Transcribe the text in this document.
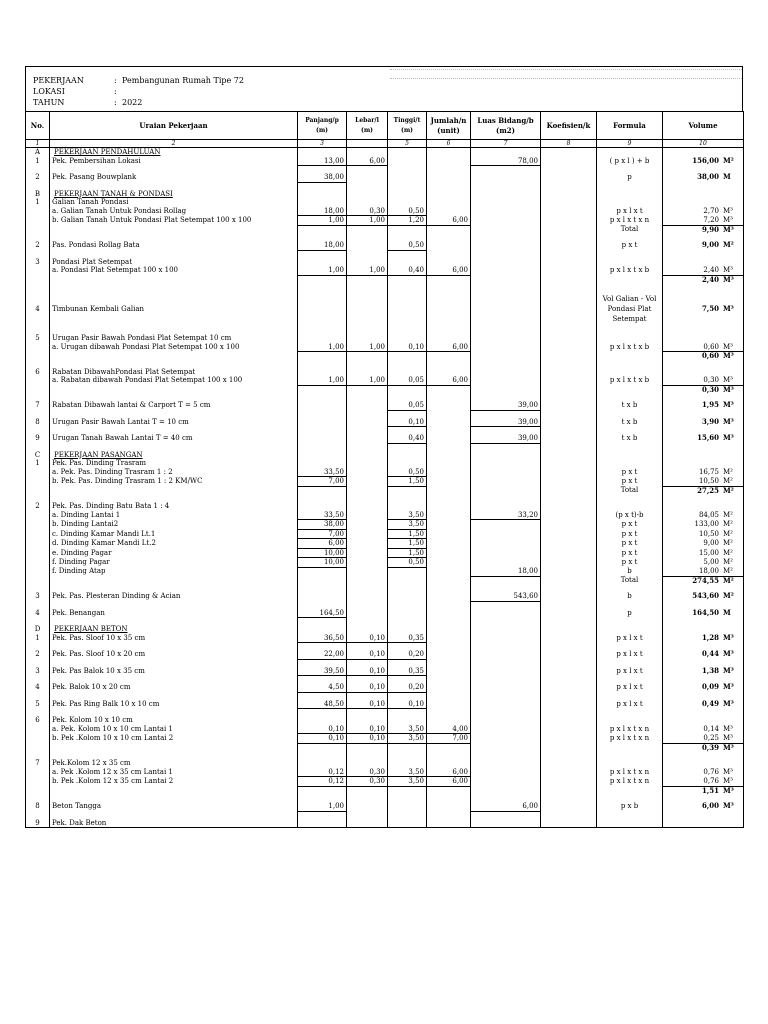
PEKERJAAN	: Pembangunan Rumah Tipe 72
LOKASI	:
TAHUN	: 2022
No.	Uraian Pekerjaan	Panjang/p (m)	Lebar/l (m)	Tinggi/t (m)	Jumlah/n (unit)	Luas Bidang/b (m2)	Koefisien/k	Formula	Volume
1	2	3		5	6	7	8	9	10
A	PEKERJAAN PENDAHULUAN								
1	Pek. Pembersihan Lokasi	13,00	6,00			78,00		( p x l ) + b	156,00 M²

2	Pek. Pasang Bouwplank	38,00						p	38,00 M

B	PEKERJAAN TANAH & PONDASI								
1	Galian Tanah Pondasi								
	a. Galian Tanah Untuk Pondasi Rollag	18,00	0,30	0,50				p x l x t	2,70 M³
	b. Galian Tanah Untuk Pondasi Plat Setempat 100 x 100	1,00	1,00	1,20	6,00			p x l x t x n	7,20 M³
								Total	9,90 M³

2	Pas. Pondasi Rollag Bata	18,00		0,50				p x t	9,00 M²

3	Pondasi Plat Setempat								
	a. Pondasi Plat Setempat 100 x 100	1,00	1,00	0,40	6,00			p x l x t x b	2,40 M³
									2,40 M³

4	Timbunan Kembali Galian							Vol Galian - Vol Pondasi Plat Setempat	7,50 M³

5	Urugan Pasir Bawah Pondasi Plat Setempat 10 cm								
	a. Urugan dibawah Pondasi Plat Setempat 100 x 100	1,00	1,00	0,10	6,00			p x l x t x b	0,60 M³
									0,60 M³

6	Rabatan DibawahPondasi Plat Setempat								
	a. Rabatan dibawah Pondasi Plat Setempat 100 x 100	1,00	1,00	0,05	6,00			p x l x t x b	0,30 M³
									0,30 M³

7	Rabatan Dibawah lantai & Carport T = 5 cm			0,05		39,00		t x b	1,95 M³

8	Urugan Pasir Bawah Lantai T = 10 cm			0,10		39,00		t x b	3,90 M³

9	Urugan Tanah Bawah Lantai T = 40 cm			0,40		39,00		t x b	15,60 M³

C	PEKERJAAN PASANGAN								
1	Pek. Pas. Dinding Trasram								
	a. Pek. Pas. Dinding Trasram 1 : 2	33,50		0,50				p x t	16,75 M²
	b. Pek. Pas. Dinding Trasram 1 : 2 KM/WC	7,00		1,50				p x t	10,50 M²
								Total	27,25 M²

2	Pek. Pas. Dinding Batu Bata 1 : 4								
	a. Dinding Lantai 1	33,50		3,50		33,20		(p x t)-b	84,05 M²
	b. Dinding Lantai2	38,00		3,50				p x t	133,00 M²
	c. Dinding Kamar Mandi Lt.1	7,00		1,50				p x t	10,50 M²
	d. Dinding Kamar Mandi Lt.2	6,00		1,50				p x t	9,00 M²
	e. Dinding Pagar	10,00		1,50				p x t	15,00 M²
	f. Dinding Pagar	10,00		0,50				p x t	5,00 M²
	f. Dinding Atap					18,00		b	18,00 M²
								Total	274,55 M²

3	Pek. Pas. Plesteran Dinding & Acian					543,60		b	543,60 M²

4	Pek. Benangan	164,50						p	164,50 M

D	PEKERJAAN BETON								
1	Pek. Pas. Sloof 10 x 35 cm	36,50	0,10	0,35				p x l x t	1,28 M³

2	Pek. Pas. Sloof 10 x 20 cm	22,00	0,10	0,20				p x l x t	0,44 M³

3	Pek. Pas Balok 10 x 35 cm	39,50	0,10	0,35				p x l x t	1,38 M³

4	Pek. Balok 10 x 20 cm	4,50	0,10	0,20				p x l x t	0,09 M³

5	Pek. Pas Ring Balk 10 x 10 cm	48,50	0,10	0,10				p x l x t	0,49 M³

6	Pek. Kolom 10 x 10 cm								
	a. Pek. Kolom 10 x 10 cm Lantai 1	0,10	0,10	3,50	4,00			p x l x t x n	0,14 M³
	b. Pek .Kolom 10 x 10 cm Lantai 2	0,10	0,10	3,50	7,00			p x l x t x n	0,25 M³
									0,39 M³

7	Pek.Kolom 12 x 35 cm								
	a. Pek .Kolom 12 x 35 cm Lantai 1	0,12	0,30	3,50	6,00			p x l x t x n	0,76 M³
	b. Pek .Kolom 12 x 35 cm Lantai 2	0,12	0,30	3,50	6,00			p x l x t x n	0,76 M³
									1,51 M³

8	Beton Tangga	1,00				6,00		p x b	6,00 M³

9	Pek. Dak Beton								
